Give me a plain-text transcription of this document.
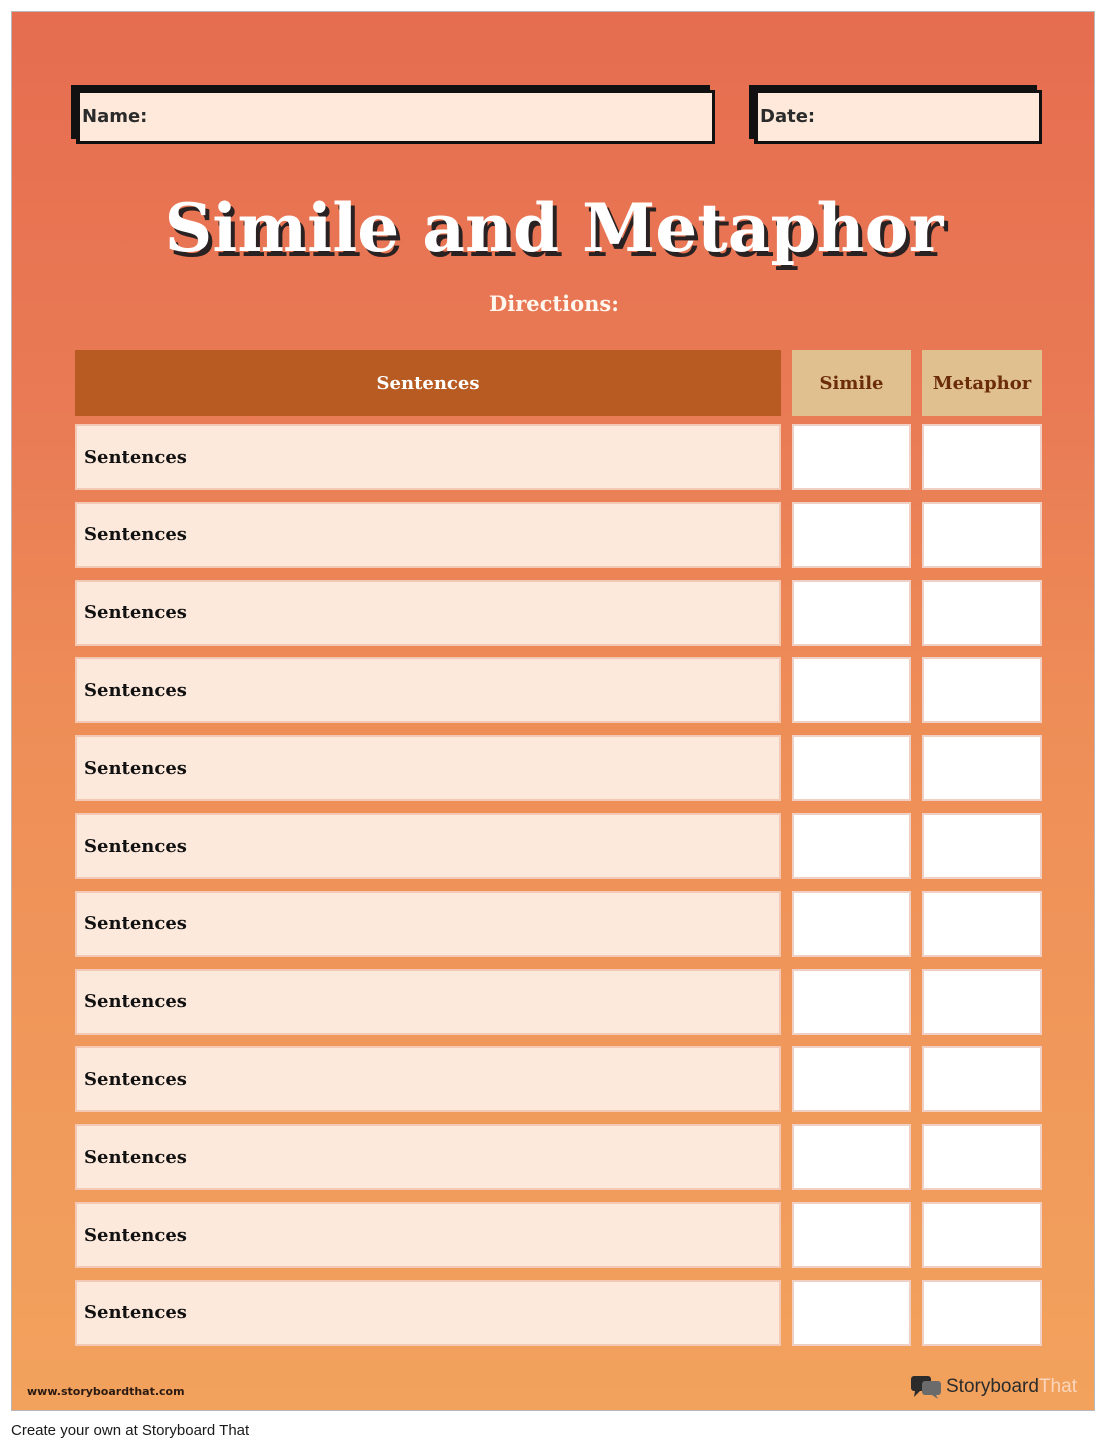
Name:	Date:
Simile and Metaphor
Directions:
Sentences	Simile	Metaphor
Sentences
Sentences
Sentences
Sentences
Sentences
Sentences
Sentences
Sentences
Sentences
Sentences
Sentences
Sentences
www.storyboardthat.com	Storyboard That
Create your own at Storyboard That
